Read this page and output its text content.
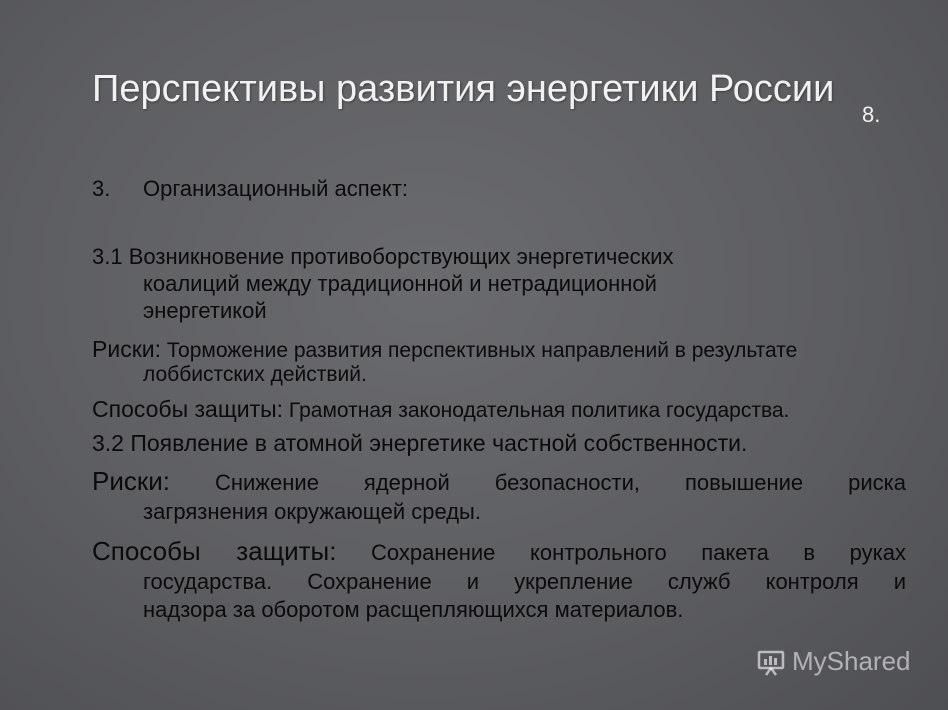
Перспективы развития энергетики России
8.
3. Организационный аспект:
3.1 Возникновение противоборствующих энергетических
коалиций между традиционной и нетрадиционной
энергетикой
Риски: Торможение развития перспективных направлений в результате
лоббистских действий.
Способы защиты: Грамотная законодательная политика государства.
3.2 Появление в атомной энергетике частной собственности.
Риски: Снижение ядерной безопасности, повышение риска
загрязнения окружающей среды.
Способы защиты: Сохранение контрольного пакета в руках
государства. Сохранение и укрепление служб контроля и
надзора за оборотом расщепляющихся материалов.
MyShared
